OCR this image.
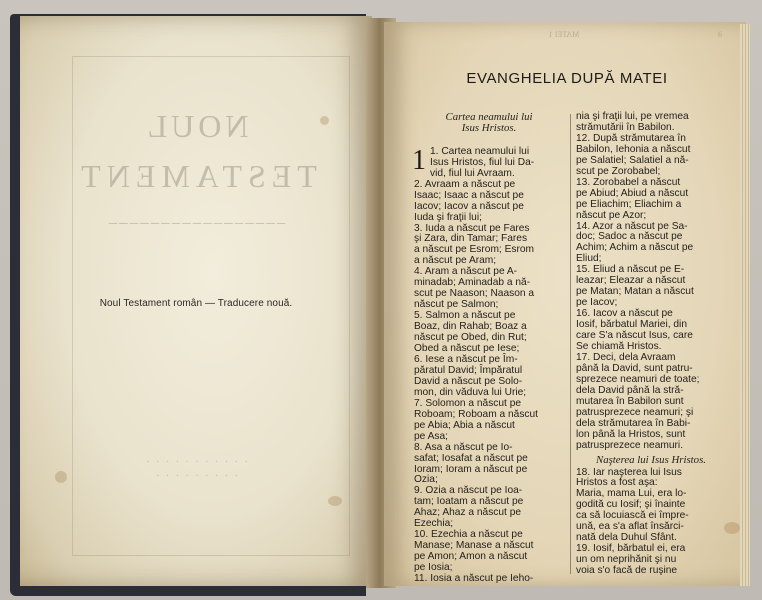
NOUL
TESTAMENT
─────────────────
· · · · · · · · · · ·
· · · · · · · · ·
Noul Testament român — Traducere nouă.
MATEI 1	6
EVANGHELIA DUPĂ MATEI

Cartea neamului lui
Isus Hristos.

1 1. Cartea neamului lui
Isus Hristos, fiul lui Da-
vid, fiul lui Avraam.

2. Avraam a născut pe
Isaac; Isaac a născut pe
Iacov; Iacov a născut pe
Iuda şi fraţii lui;
3. Iuda a născut pe Fares
şi Zara, din Tamar; Fares
a născut pe Esrom; Esrom
a născut pe Aram;
4. Aram a născut pe A-
minadab; Aminadab a nă-
scut pe Naason; Naason a
născut pe Salmon;
5. Salmon a născut pe
Boaz, din Rahab; Boaz a
născut pe Obed, din Rut;
Obed a născut pe Iese;
6. Iese a născut pe Îm-
păratul David; Împăratul
David a născut pe Solo-
mon, din văduva lui Urie;
7. Solomon a născut pe
Roboam; Roboam a născut
pe Abia; Abia a născut
pe Asa;
8. Asa a născut pe Io-
safat; Iosafat a născut pe
Ioram; Ioram a născut pe
Ozia;
9. Ozia a născut pe Ioa-
tam; Ioatam a născut pe
Ahaz; Ahaz a născut pe
Ezechia;
10. Ezechia a născut pe
Manase; Manase a născut
pe Amon; Amon a născut
pe Iosia;
11. Iosia a născut pe Ieho-

nia şi fraţii lui, pe vremea
strămutării în Babilon.
12. După strămutarea în
Babilon, Iehonia a născut
pe Salatiel; Salatiel a nă-
scut pe Zorobabel;
13. Zorobabel a născut
pe Abiud; Abiud a născut
pe Eliachim; Eliachim a
născut pe Azor;
14. Azor a născut pe Sa-
doc; Sadoc a născut pe
Achim; Achim a născut pe
Eliud;
15. Eliud a născut pe E-
leazar; Eleazar a născut
pe Matan; Matan a născut
pe Iacov;
16. Iacov a născut pe
Iosif, bărbatul Mariei, din
care S'a născut Isus, care
Se chiamă Hristos.
17. Deci, dela Avraam
până la David, sunt patru-
sprezece neamuri de toate;
dela David până la stră-
mutarea în Babilon sunt
patrusprezece neamuri; şi
dela strămutarea în Babi-
lon până la Hristos, sunt
patrusprezece neamuri.

Naşterea lui Isus Hristos.

18. Iar naşterea lui Isus
Hristos a fost aşa:
Maria, mama Lui, era lo-
godită cu Iosif; şi înainte
ca să locuiască ei împre-
ună, ea s'a aflat însărci-
nată dela Duhul Sfânt.
19. Iosif, bărbatul ei, era
un om neprihănit şi nu
voia s'o facă de ruşine
